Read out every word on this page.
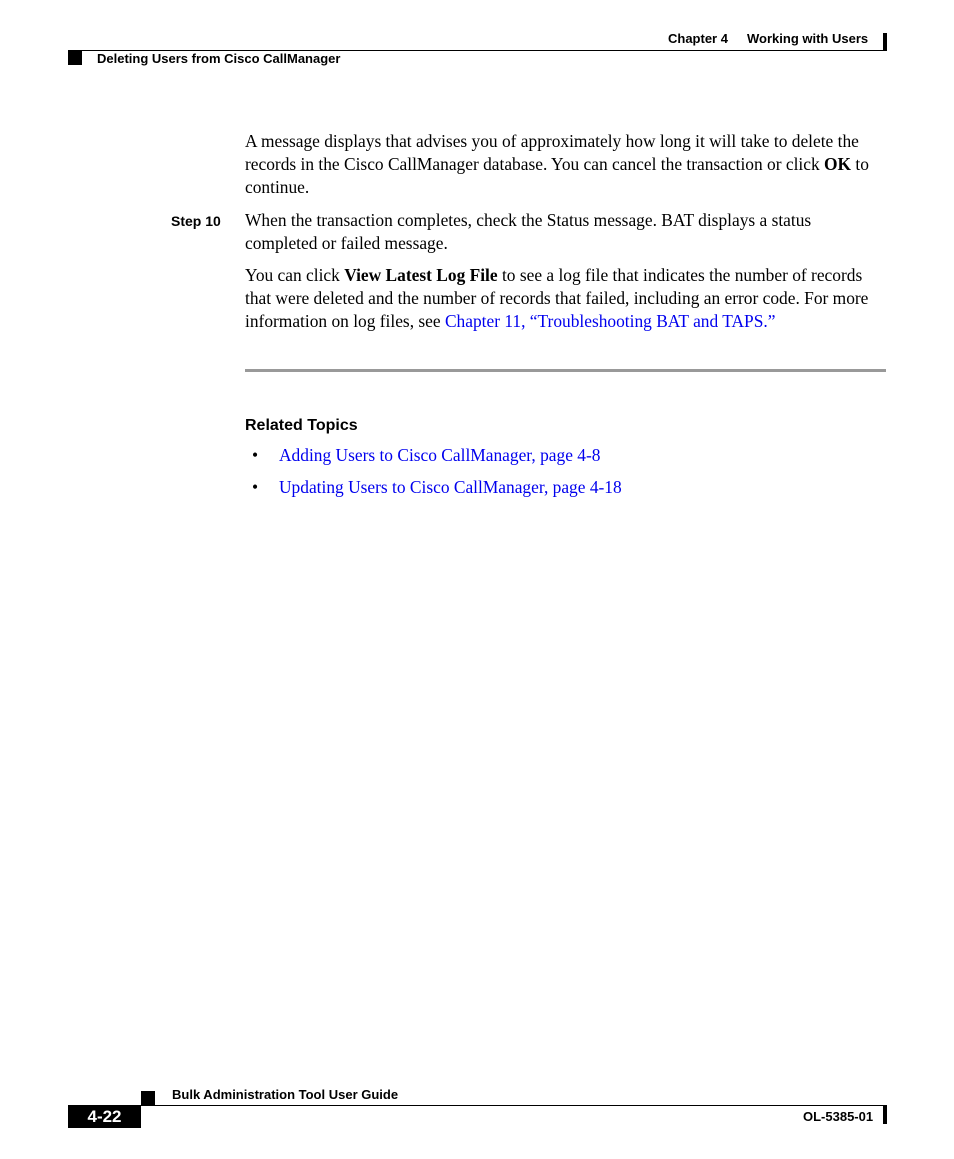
Chapter 4 Working with Users
Deleting Users from Cisco CallManager

A message displays that advises you of approximately how long it will take to delete the records in the Cisco CallManager database. You can cancel the transaction or click OK to continue.

Step 10 When the transaction completes, check the Status message. BAT displays a status completed or failed message.

You can click View Latest Log File to see a log file that indicates the number of records that were deleted and the number of records that failed, including an error code. For more information on log files, see Chapter 11, “Troubleshooting BAT and TAPS.”

Related Topics
• Adding Users to Cisco CallManager, page 4-8
• Updating Users to Cisco CallManager, page 4-18
Bulk Administration Tool User Guide
4-22	OL-5385-01
